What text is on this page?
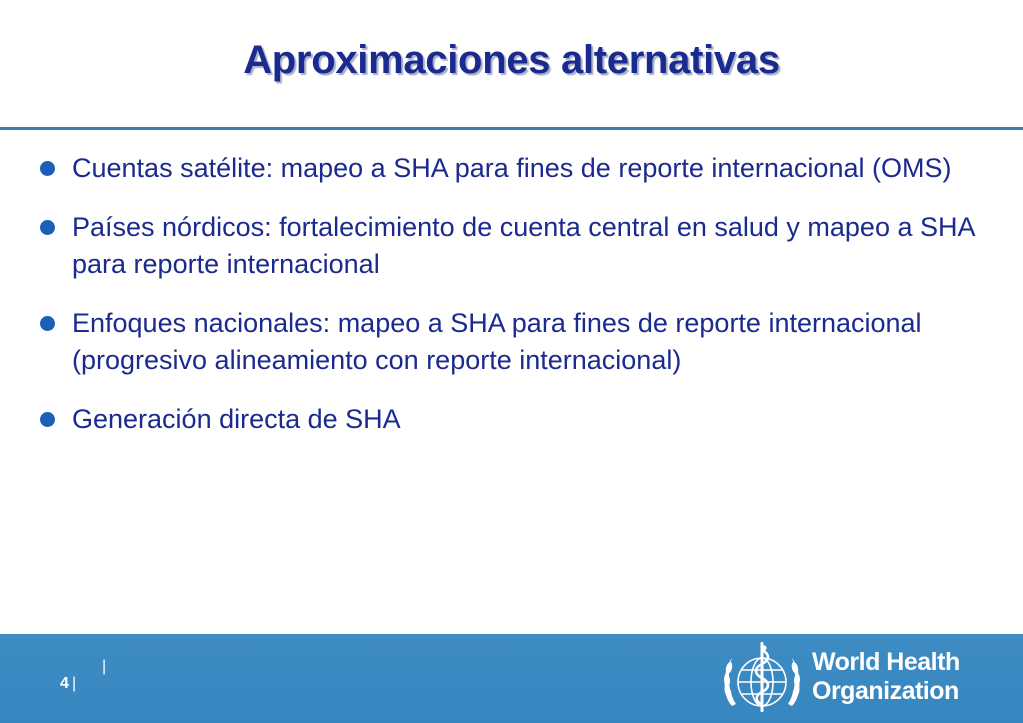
Aproximaciones alternativas
Cuentas satélite: mapeo a SHA para fines de reporte internacional (OMS)
Países nórdicos: fortalecimiento de cuenta central en salud y mapeo a SHA para reporte internacional
Enfoques nacionales: mapeo a SHA para fines de reporte internacional (progresivo alineamiento con reporte internacional)
Generación directa de SHA
|
4 |
World Health
Organization
